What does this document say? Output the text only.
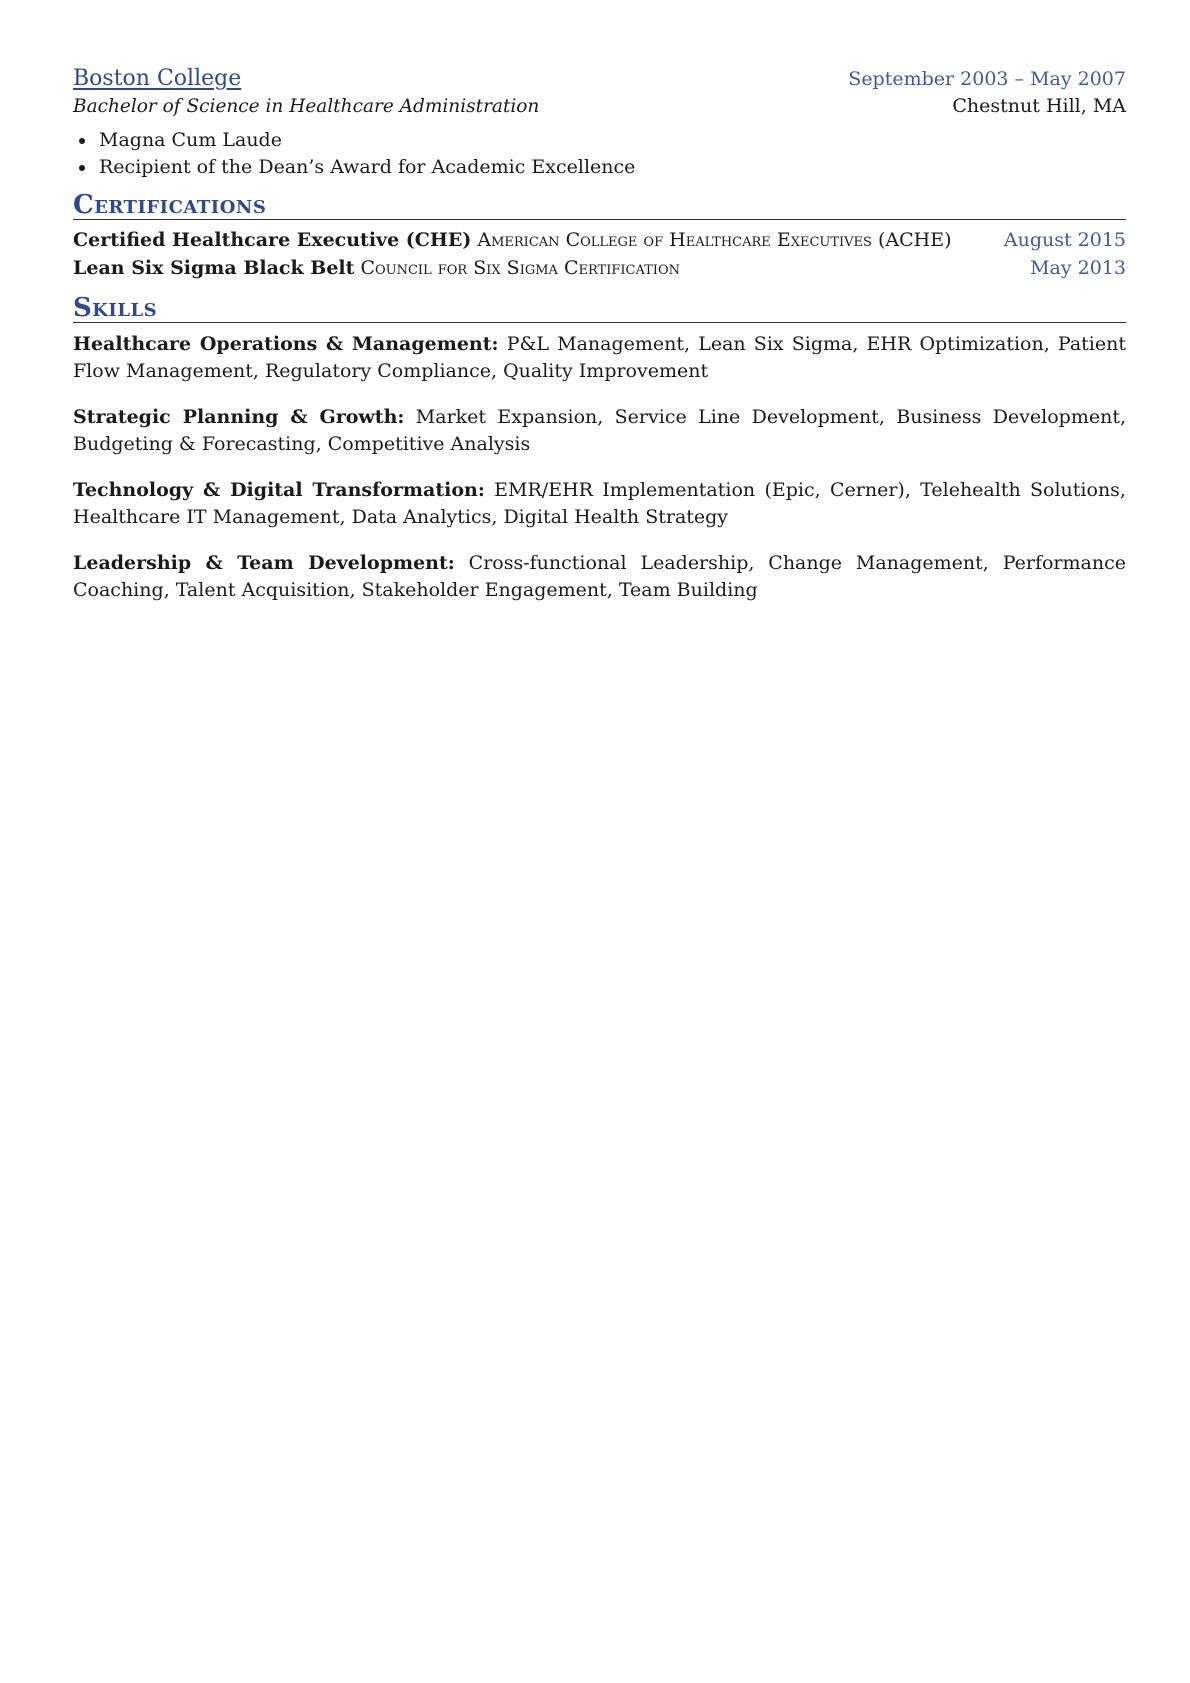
Boston College	September 2003 – May 2007
Bachelor of Science in Healthcare Administration	Chestnut Hill, MA
• Magna Cum Laude
• Recipient of the Dean’s Award for Academic Excellence
Certifications
Certified Healthcare Executive (CHE) American College of Healthcare Executives (ACHE)	August 2015
Lean Six Sigma Black Belt Council for Six Sigma Certification	May 2013
Skills

Healthcare Operations & Management: P&L Management, Lean Six Sigma, EHR Optimization, Patient Flow Management, Regulatory Compliance, Quality Improvement

Strategic Planning & Growth: Market Expansion, Service Line Development, Business Development, Budgeting & Forecasting, Competitive Analysis

Technology & Digital Transformation: EMR/EHR Implementation (Epic, Cerner), Telehealth Solutions, Healthcare IT Management, Data Analytics, Digital Health Strategy

Leadership & Team Development: Cross-functional Leadership, Change Management, Performance Coaching, Talent Acquisition, Stakeholder Engagement, Team Building
